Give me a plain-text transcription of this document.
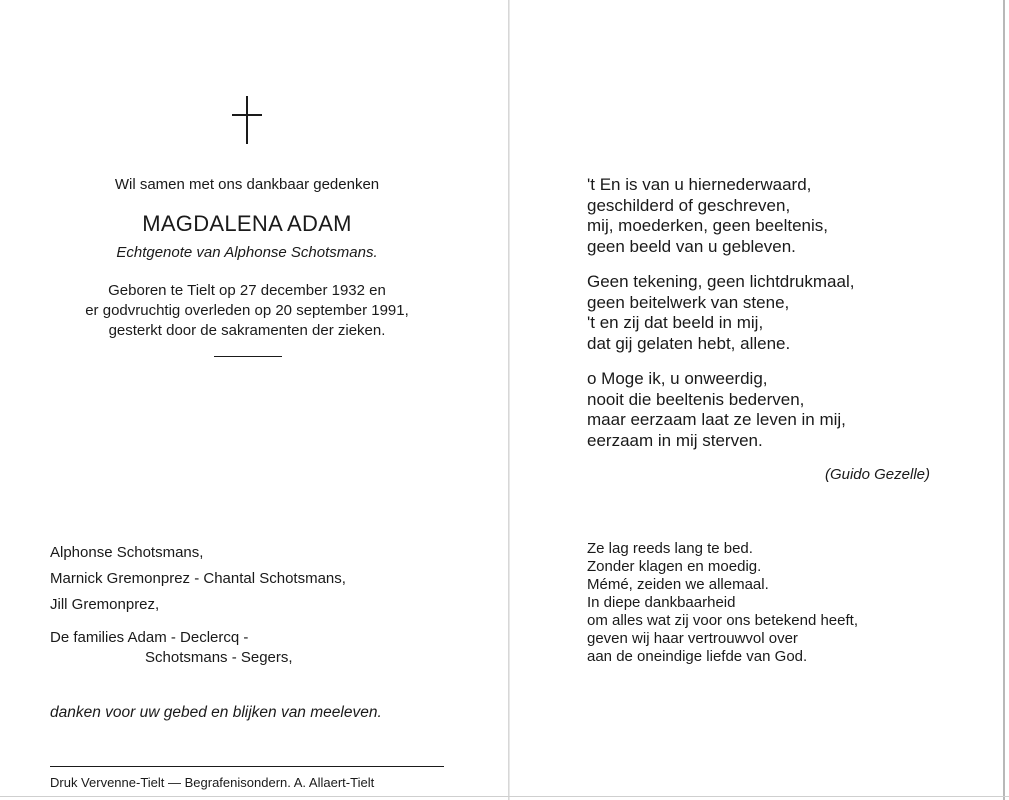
Wil samen met ons dankbaar gedenken
MAGDALENA ADAM
Echtgenote van Alphonse Schotsmans.
Geboren te Tielt op 27 december 1932 en
er godvruchtig overleden op 20 september 1991,
gesterkt door de sakramenten der zieken.
Alphonse Schotsmans,
Marnick Gremonprez - Chantal Schotsmans,
Jill Gremonprez,
De families Adam - Declercq -
Schotsmans - Segers,
danken voor uw gebed en blijken van meeleven.
Druk Vervenne-Tielt — Begrafenisondern. A. Allaert-Tielt
't En is van u hiernederwaard,
geschilderd of geschreven,
mij, moederken, geen beeltenis,
geen beeld van u gebleven.
Geen tekening, geen lichtdrukmaal,
geen beitelwerk van stene,
't en zij dat beeld in mij,
dat gij gelaten hebt, allene.
o Moge ik, u onweerdig,
nooit die beeltenis bederven,
maar eerzaam laat ze leven in mij,
eerzaam in mij sterven.
(Guido Gezelle)
Ze lag reeds lang te bed.
Zonder klagen en moedig.
Mémé, zeiden we allemaal.
In diepe dankbaarheid
om alles wat zij voor ons betekend heeft,
geven wij haar vertrouwvol over
aan de oneindige liefde van God.
